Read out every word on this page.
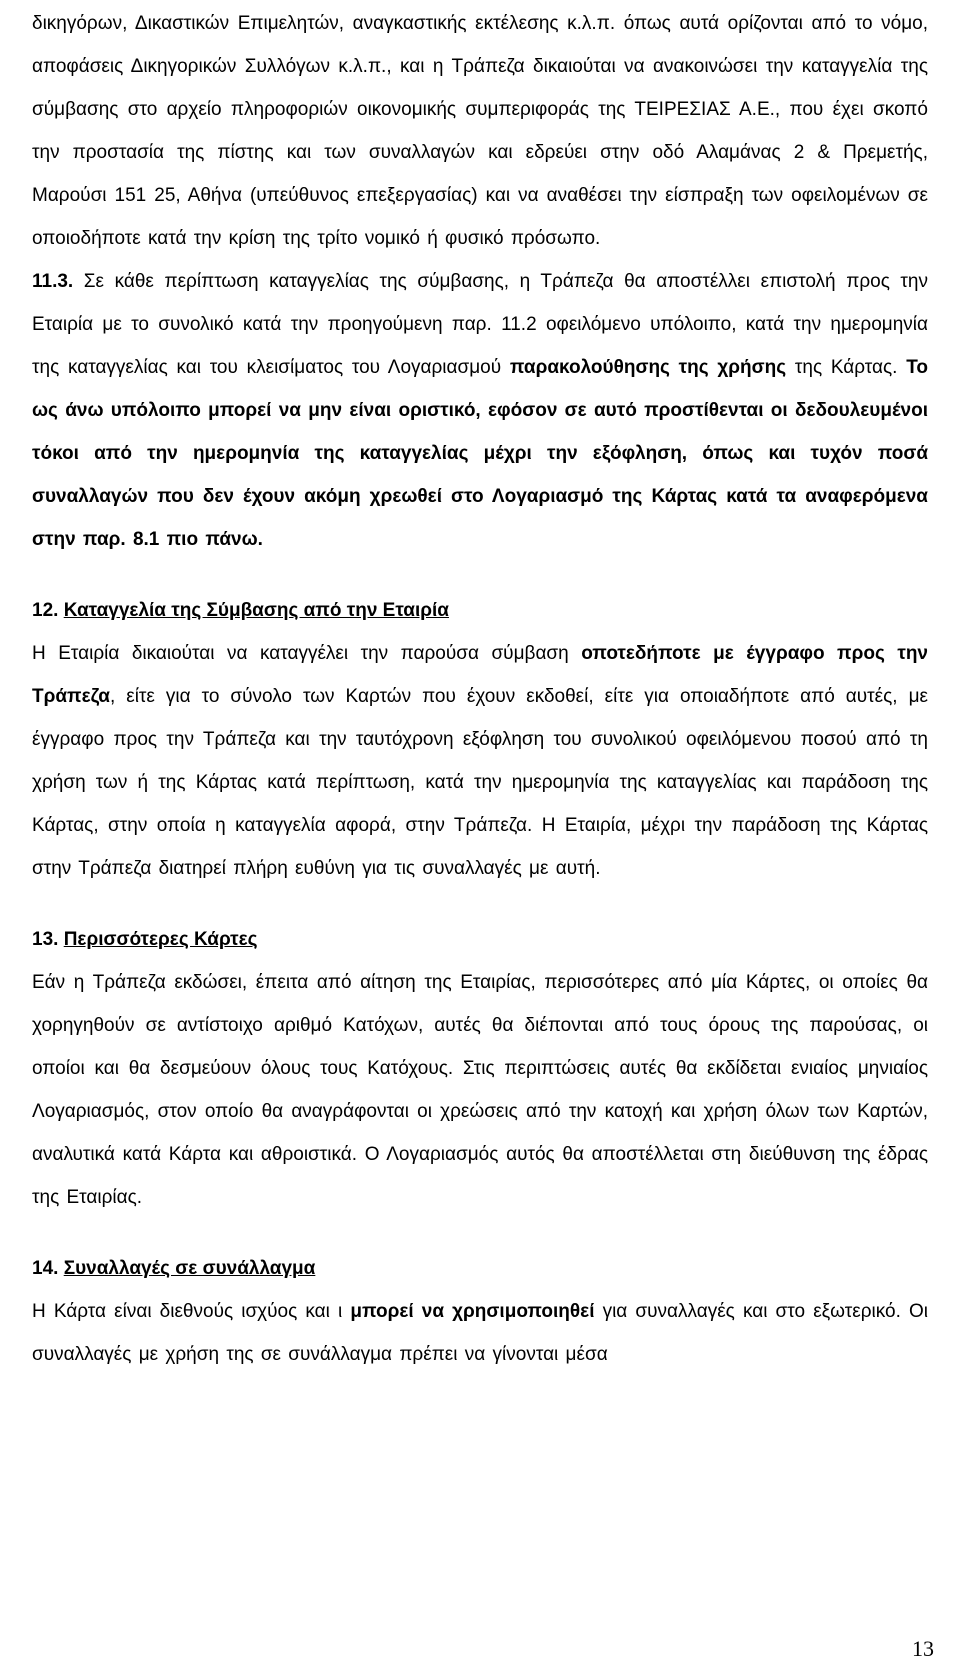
δικηγόρων, Δικαστικών Επιμελητών, αναγκαστικής εκτέλεσης κ.λ.π. όπως αυτά ορίζονται από το νόμο, αποφάσεις Δικηγορικών Συλλόγων κ.λ.π., και η Τράπεζα δικαιούται να ανακοινώσει την καταγγελία της σύμβασης στο αρχείο πληροφοριών οικονομικής συμπεριφοράς της ΤΕΙΡΕΣΙΑΣ Α.Ε., που έχει σκοπό την προστασία της πίστης και των συναλλαγών και εδρεύει στην οδό Αλαμάνας 2 & Πρεμετής, Μαρούσι 151 25, Αθήνα (υπεύθυνος επεξεργασίας) και να αναθέσει την είσπραξη των οφειλομένων σε οποιοδήποτε κατά την κρίση της τρίτο νομικό ή φυσικό πρόσωπο.

11.3. Σε κάθε περίπτωση καταγγελίας της σύμβασης, η Τράπεζα θα αποστέλλει επιστολή προς την Εταιρία με το συνολικό κατά την προηγούμενη παρ. 11.2 οφειλόμενο υπόλοιπο, κατά την ημερομηνία της καταγγελίας και του κλεισίματος του Λογαριασμού παρακολούθησης της χρήσης της Κάρτας. Το ως άνω υπόλοιπο μπορεί να μην είναι οριστικό, εφόσον σε αυτό προστίθενται οι δεδουλευμένοι τόκοι από την ημερομηνία της καταγγελίας μέχρι την εξόφληση, όπως και τυχόν ποσά συναλλαγών που δεν έχουν ακόμη χρεωθεί στο Λογαριασμό της Κάρτας κατά τα αναφερόμενα στην παρ. 8.1 πιο πάνω.

12. Καταγγελία της Σύμβασης από την Εταιρία

Η Εταιρία δικαιούται να καταγγέλει την παρούσα σύμβαση οποτεδήποτε με έγγραφο προς την Τράπεζα, είτε για το σύνολο των Καρτών που έχουν εκδοθεί, είτε για οποιαδήποτε από αυτές, με έγγραφο προς την Τράπεζα και την ταυτόχρονη εξόφληση του συνολικού οφειλόμενου ποσού από τη χρήση των ή της Κάρτας κατά περίπτωση, κατά την ημερομηνία της καταγγελίας και παράδοση της Κάρτας, στην οποία η καταγγελία αφορά, στην Τράπεζα. Η Εταιρία, μέχρι την παράδοση της Κάρτας στην Τράπεζα διατηρεί πλήρη ευθύνη για τις συναλλαγές με αυτή.

13. Περισσότερες Κάρτες

Εάν η Τράπεζα εκδώσει, έπειτα από αίτηση της Εταιρίας, περισσότερες από μία Κάρτες, οι οποίες θα χορηγηθούν σε αντίστοιχο αριθμό Κατόχων, αυτές θα διέπονται από τους όρους της παρούσας, οι οποίοι και θα δεσμεύουν όλους τους Κατόχους. Στις περιπτώσεις αυτές θα εκδίδεται ενιαίος μηνιαίος Λογαριασμός, στον οποίο θα αναγράφονται οι χρεώσεις από την κατοχή και χρήση όλων των Καρτών, αναλυτικά κατά Κάρτα και αθροιστικά. Ο Λογαριασμός αυτός θα αποστέλλεται στη διεύθυνση της έδρας της Εταιρίας.

14. Συναλλαγές σε συνάλλαγμα

Η Κάρτα είναι διεθνούς ισχύος και ι μπορεί να χρησιμοποιηθεί για συναλλαγές και στο εξωτερικό. Οι συναλλαγές με χρήση της σε συνάλλαγμα πρέπει να γίνονται μέσα

13
